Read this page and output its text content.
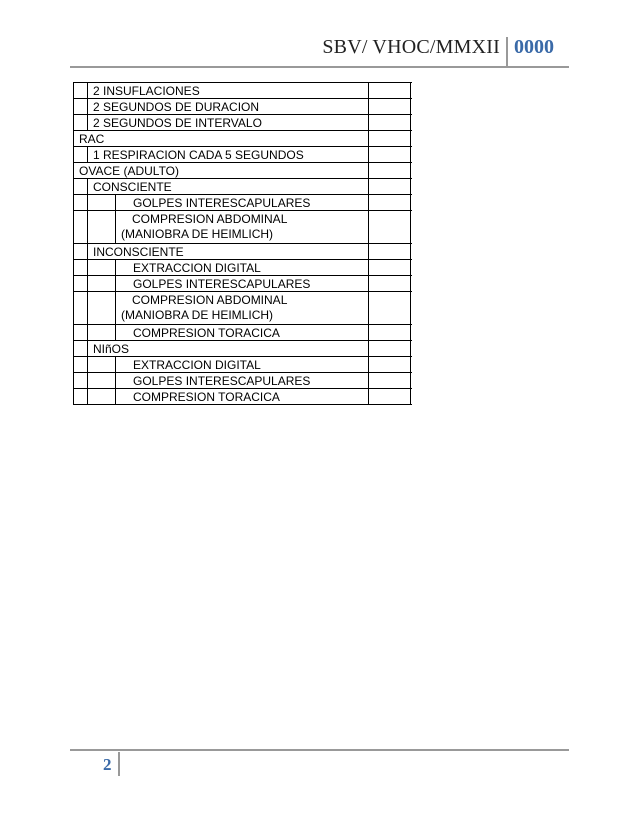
SBV/ VHOC/MMXII 0000
2 INSUFLACIONES
2 SEGUNDOS DE DURACION
2 SEGUNDOS DE INTERVALO
RAC
1 RESPIRACION CADA 5 SEGUNDOS
OVACE (ADULTO)
CONSCIENTE
GOLPES INTERESCAPULARES
COMPRESION ABDOMINAL (MANIOBRA DE HEIMLICH)
INCONSCIENTE
EXTRACCION DIGITAL
GOLPES INTERESCAPULARES
COMPRESION ABDOMINAL (MANIOBRA DE HEIMLICH)
COMPRESION TORACICA
NIñOS
EXTRACCION DIGITAL
GOLPES INTERESCAPULARES
COMPRESION TORACICA
2
